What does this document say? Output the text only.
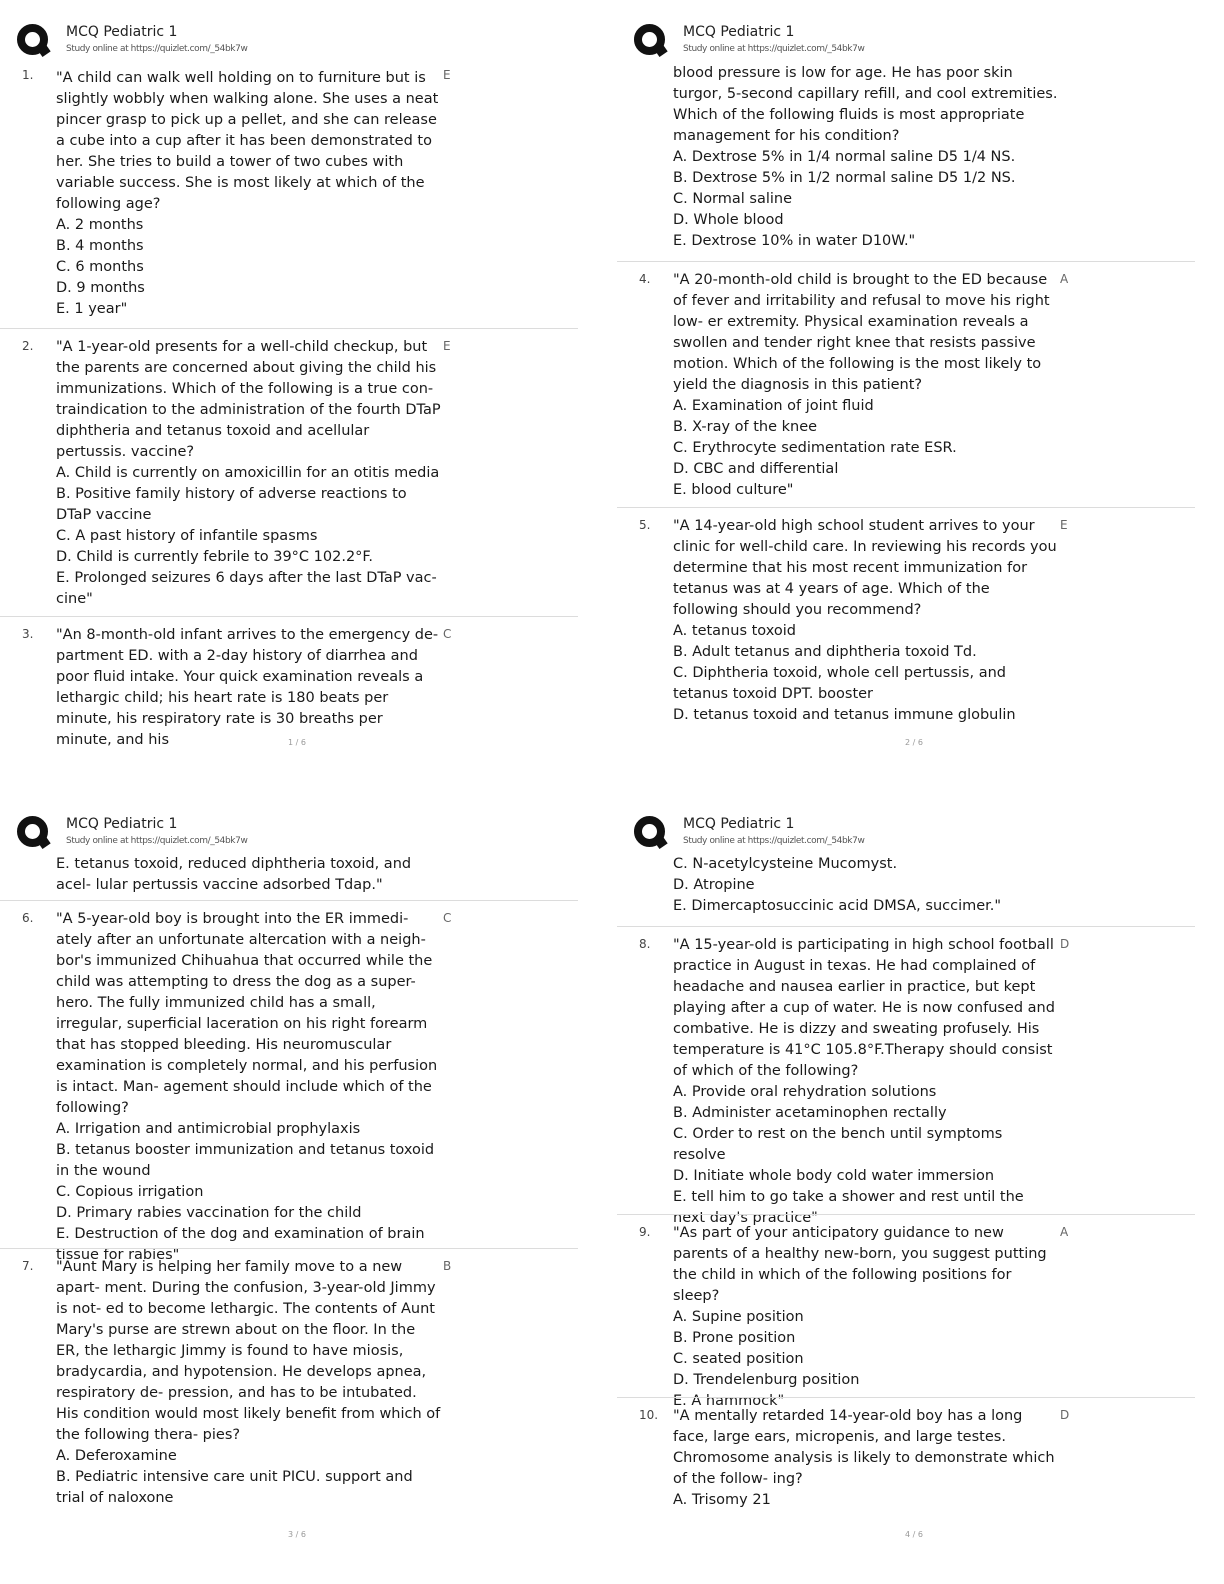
MCQ Pediatric 1
Study online at https://quizlet.com/_54bk7w
1.	E
"A child can walk well holding on to furniture but is slightly wobbly when walking alone. She uses a neat pincer grasp to pick up a pellet, and she can release a cube into a cup after it has been demonstrated to her. She tries to build a tower of two cubes with variable success. She is most likely at which of the following age?
A. 2 months
B. 4 months
C. 6 months
D. 9 months
E. 1 year"
2.	E
"A 1-year-old presents for a well-child checkup, but the parents are concerned about giving the child his immunizations. Which of the following is a true con- traindication to the administration of the fourth DTaP diphtheria and tetanus toxoid and acellular pertussis. vaccine?
A. Child is currently on amoxicillin for an otitis media
B. Positive family history of adverse reactions to DTaP vaccine
C. A past history of infantile spasms
D. Child is currently febrile to 39°C 102.2°F.
E. Prolonged seizures 6 days after the last DTaP vac- cine"
3.	C
"An 8-month-old infant arrives to the emergency de- partment ED. with a 2-day history of diarrhea and poor fluid intake. Your quick examination reveals a lethargic child; his heart rate is 180 beats per minute, his respiratory rate is 30 breaths per minute, and his	1 / 6
MCQ Pediatric 1
Study online at https://quizlet.com/_54bk7w
blood pressure is low for age. He has poor skin turgor, 5-second capillary refill, and cool extremities. Which of the following fluids is most appropriate management for his condition?
A. Dextrose 5% in 1/4 normal saline D5 1/4 NS.
B. Dextrose 5% in 1/2 normal saline D5 1/2 NS.
C. Normal saline
D. Whole blood
E. Dextrose 10% in water D10W."
4.	A
"A 20-month-old child is brought to the ED because of fever and irritability and refusal to move his right low- er extremity. Physical examination reveals a swollen and tender right knee that resists passive motion. Which of the following is the most likely to yield the diagnosis in this patient?
A. Examination of joint fluid
B. X-ray of the knee
C. Erythrocyte sedimentation rate ESR.
D. CBC and differential
E. blood culture"
5.	E
"A 14-year-old high school student arrives to your clinic for well-child care. In reviewing his records you determine that his most recent immunization for tetanus was at 4 years of age. Which of the following should you recommend?
A. tetanus toxoid
B. Adult tetanus and diphtheria toxoid Td.
C. Diphtheria toxoid, whole cell pertussis, and tetanus toxoid DPT. booster
D. tetanus toxoid and tetanus immune globulin
2 / 6
MCQ Pediatric 1
Study online at https://quizlet.com/_54bk7w
E. tetanus toxoid, reduced diphtheria toxoid, and acel- lular pertussis vaccine adsorbed Tdap."
6.	C
"A 5-year-old boy is brought into the ER immedi- ately after an unfortunate altercation with a neigh- bor's immunized Chihuahua that occurred while the child was attempting to dress the dog as a super- hero. The fully immunized child has a small, irregular, superficial laceration on his right forearm that has stopped bleeding. His neuromuscular examination is completely normal, and his perfusion is intact. Man- agement should include which of the following?
A. Irrigation and antimicrobial prophylaxis
B. tetanus booster immunization and tetanus toxoid in the wound
C. Copious irrigation
D. Primary rabies vaccination for the child
E. Destruction of the dog and examination of brain tissue for rabies"
7.	B
"Aunt Mary is helping her family move to a new apart- ment. During the confusion, 3-year-old Jimmy is not- ed to become lethargic. The contents of Aunt Mary's purse are strewn about on the floor. In the ER, the lethargic Jimmy is found to have miosis, bradycardia, and hypotension. He develops apnea, respiratory de- pression, and has to be intubated. His condition would most likely benefit from which of the following thera- pies?
A. Deferoxamine
B. Pediatric intensive care unit PICU. support and trial of naloxone
3 / 6
MCQ Pediatric 1
Study online at https://quizlet.com/_54bk7w
C. N-acetylcysteine Mucomyst.
D. Atropine
E. Dimercaptosuccinic acid DMSA, succimer."
8.	D
"A 15-year-old is participating in high school football practice in August in texas. He had complained of headache and nausea earlier in practice, but kept playing after a cup of water. He is now confused and combative. He is dizzy and sweating profusely. His temperature is 41°C 105.8°F.Therapy should consist of which of the following?
A. Provide oral rehydration solutions
B. Administer acetaminophen rectally
C. Order to rest on the bench until symptoms resolve
D. Initiate whole body cold water immersion
E. tell him to go take a shower and rest until the next day's practice"
9.	A
"As part of your anticipatory guidance to new parents of a healthy new-born, you suggest putting the child in which of the following positions for sleep?
A. Supine position
B. Prone position
C. seated position
D. Trendelenburg position
E. A hammock"
10.	D
"A mentally retarded 14-year-old boy has a long face, large ears, micropenis, and large testes. Chromosome analysis is likely to demonstrate which of the follow- ing?
A. Trisomy 21
4 / 6
